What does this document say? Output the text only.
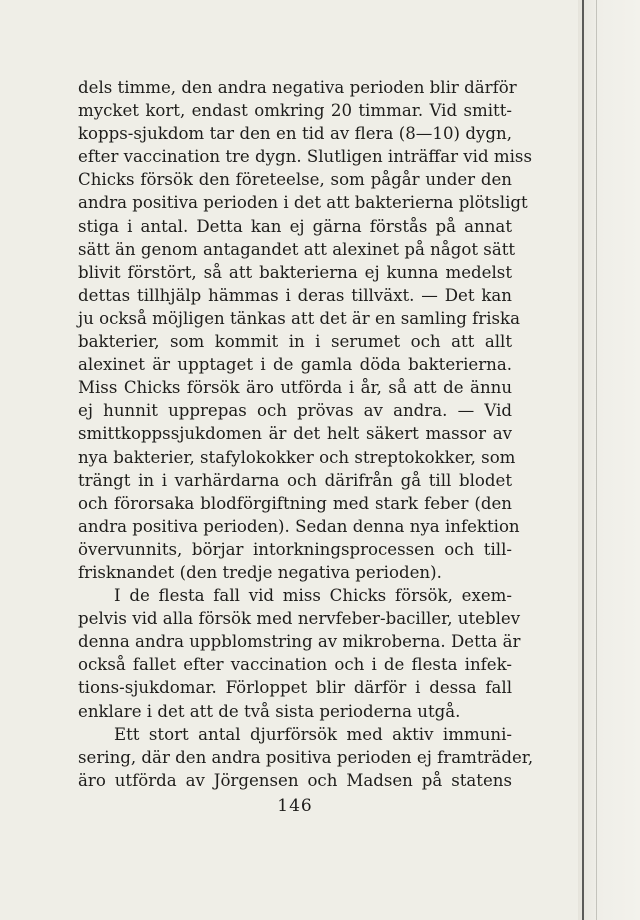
dels timme, den andra negativa perioden blir därför
mycket kort, endast omkring 20 timmar. Vid smitt-
kopps-sjukdom tar den en tid av flera (8—10) dygn,
efter vaccination tre dygn. Slutligen inträffar vid miss
Chicks försök den företeelse, som pågår under den
andra positiva perioden i det att bakterierna plötsligt
stiga i antal. Detta kan ej gärna förstås på annat
sätt än genom antagandet att alexinet på något sätt
blivit förstört, så att bakterierna ej kunna medelst
dettas tillhjälp hämmas i deras tillväxt. — Det kan
ju också möjligen tänkas att det är en samling friska
bakterier, som kommit in i serumet och att allt
alexinet är upptaget i de gamla döda bakterierna.
Miss Chicks försök äro utförda i år, så att de ännu
ej hunnit upprepas och prövas av andra. — Vid
smittkoppssjukdomen är det helt säkert massor av
nya bakterier, stafylokokker och streptokokker, som
trängt in i varhärdarna och därifrån gå till blodet
och förorsaka blodförgiftning med stark feber (den
andra positiva perioden). Sedan denna nya infektion
övervunnits, börjar intorkningsprocessen och till-
frisknandet (den tredje negativa perioden).
I de flesta fall vid miss Chicks försök, exem-
pelvis vid alla försök med nervfeber-baciller, uteblev
denna andra uppblomstring av mikroberna. Detta är
också fallet efter vaccination och i de flesta infek-
tions-sjukdomar. Förloppet blir därför i dessa fall
enklare i det att de två sista perioderna utgå.
Ett stort antal djurförsök med aktiv immuni-
sering, där den andra positiva perioden ej framträder,
äro utförda av Jörgensen och Madsen på statens
146
